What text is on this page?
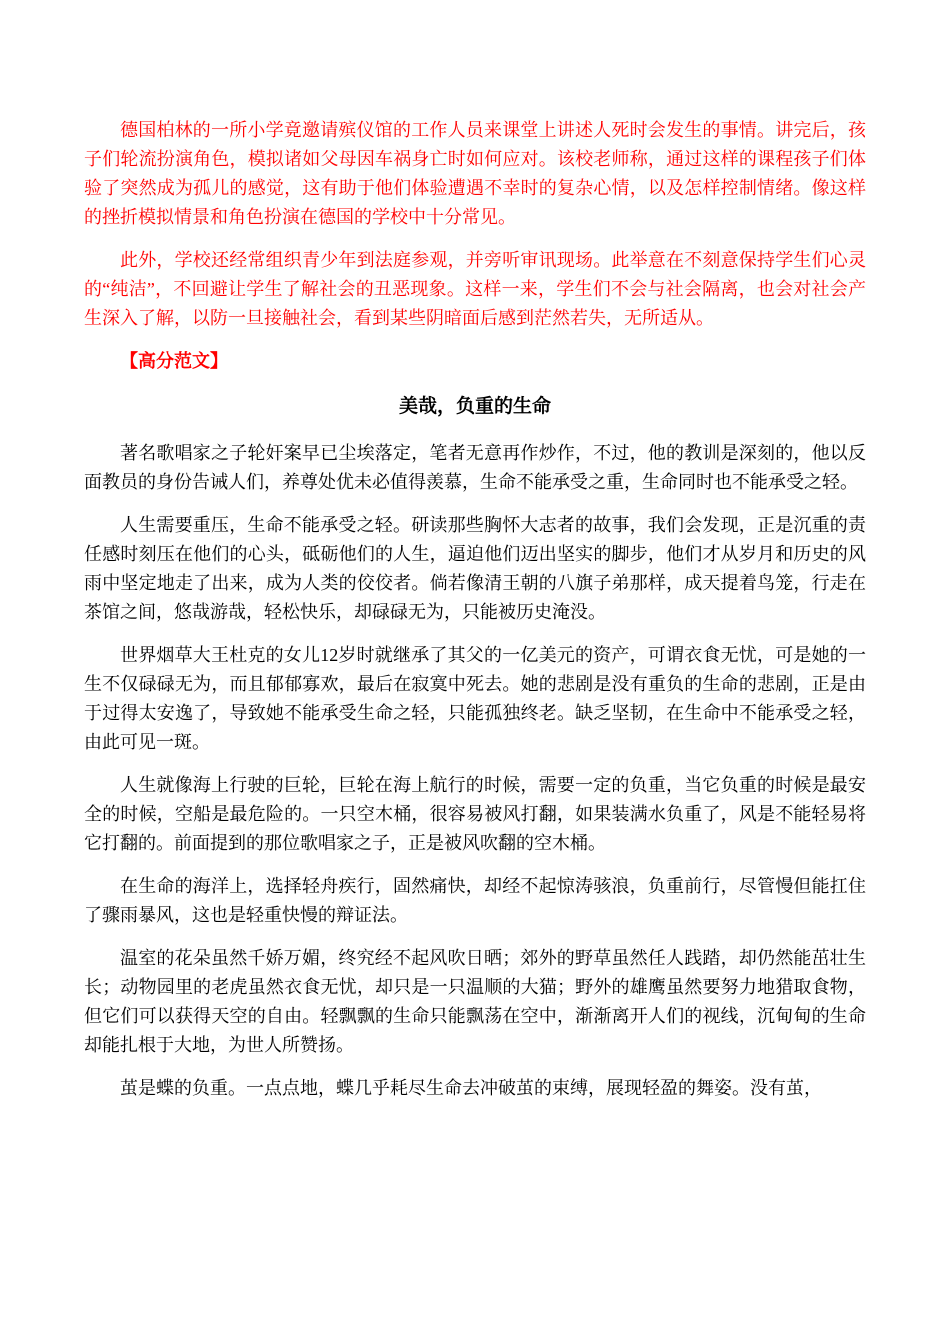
德国柏林的一所小学竟邀请殡仪馆的工作人员来课堂上讲述人死时会发生的事情。讲完后，孩子们轮流扮演角色，模拟诸如父母因车祸身亡时如何应对。该校老师称，通过这样的课程孩子们体验了突然成为孤儿的感觉，这有助于他们体验遭遇不幸时的复杂心情，以及怎样控制情绪。像这样的挫折模拟情景和角色扮演在德国的学校中十分常见。

此外，学校还经常组织青少年到法庭参观，并旁听审讯现场。此举意在不刻意保持学生们心灵的“纯洁”，不回避让学生了解社会的丑恶现象。这样一来，学生们不会与社会隔离，也会对社会产生深入了解，以防一旦接触社会，看到某些阴暗面后感到茫然若失，无所适从。

【高分范文】
美哉，负重的生命

著名歌唱家之子轮奸案早已尘埃落定，笔者无意再作炒作，不过，他的教训是深刻的，他以反面教员的身份告诫人们，养尊处优未必值得羡慕，生命不能承受之重，生命同时也不能承受之轻。

人生需要重压，生命不能承受之轻。研读那些胸怀大志者的故事，我们会发现，正是沉重的责任感时刻压在他们的心头，砥砺他们的人生，逼迫他们迈出坚实的脚步，他们才从岁月和历史的风雨中坚定地走了出来，成为人类的佼佼者。倘若像清王朝的八旗子弟那样，成天提着鸟笼，行走在茶馆之间，悠哉游哉，轻松快乐，却碌碌无为，只能被历史淹没。

世界烟草大王杜克的女儿12岁时就继承了其父的一亿美元的资产，可谓衣食无忧，可是她的一生不仅碌碌无为，而且郁郁寡欢，最后在寂寞中死去。她的悲剧是没有重负的生命的悲剧，正是由于过得太安逸了，导致她不能承受生命之轻，只能孤独终老。缺乏坚韧，在生命中不能承受之轻，由此可见一斑。

人生就像海上行驶的巨轮，巨轮在海上航行的时候，需要一定的负重，当它负重的时候是最安全的时候，空船是最危险的。一只空木桶，很容易被风打翻，如果装满水负重了，风是不能轻易将它打翻的。前面提到的那位歌唱家之子，正是被风吹翻的空木桶。

在生命的海洋上，选择轻舟疾行，固然痛快，却经不起惊涛骇浪，负重前行，尽管慢但能扛住了骤雨暴风，这也是轻重快慢的辩证法。

温室的花朵虽然千娇万媚，终究经不起风吹日晒；郊外的野草虽然任人践踏，却仍然能茁壮生长；动物园里的老虎虽然衣食无忧，却只是一只温顺的大猫；野外的雄鹰虽然要努力地猎取食物，但它们可以获得天空的自由。轻飘飘的生命只能飘荡在空中，渐渐离开人们的视线，沉甸甸的生命却能扎根于大地，为世人所赞扬。

茧是蝶的负重。一点点地，蝶几乎耗尽生命去冲破茧的束缚，展现轻盈的舞姿。没有茧，
